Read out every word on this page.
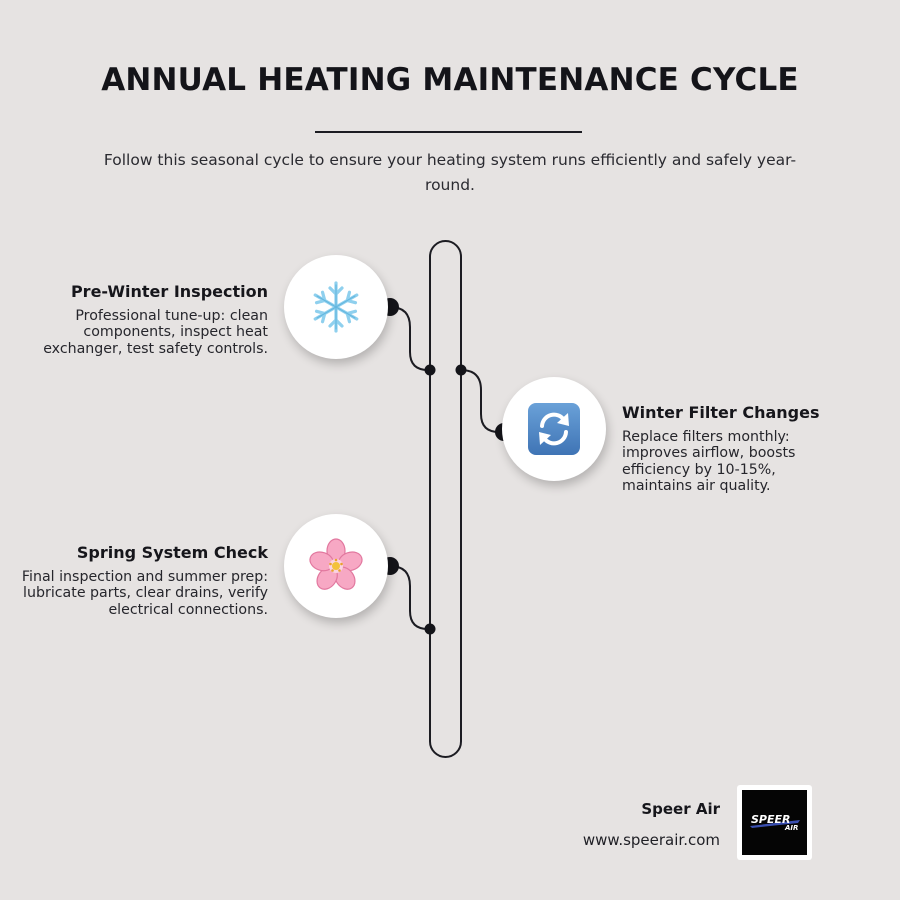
ANNUAL HEATING MAINTENANCE CYCLE

Follow this seasonal cycle to ensure your heating system runs efficiently and safely year-round.

Pre-Winter Inspection

Professional tune-up: clean components, inspect heat exchanger, test safety controls.

Winter Filter Changes

Replace filters monthly: improves airflow, boosts efficiency by 10-15%, maintains air quality.

Spring System Check

Final inspection and summer prep: lubricate parts, clear drains, verify electrical connections.

Speer Air
www.speerair.com
SPEER
AIR
